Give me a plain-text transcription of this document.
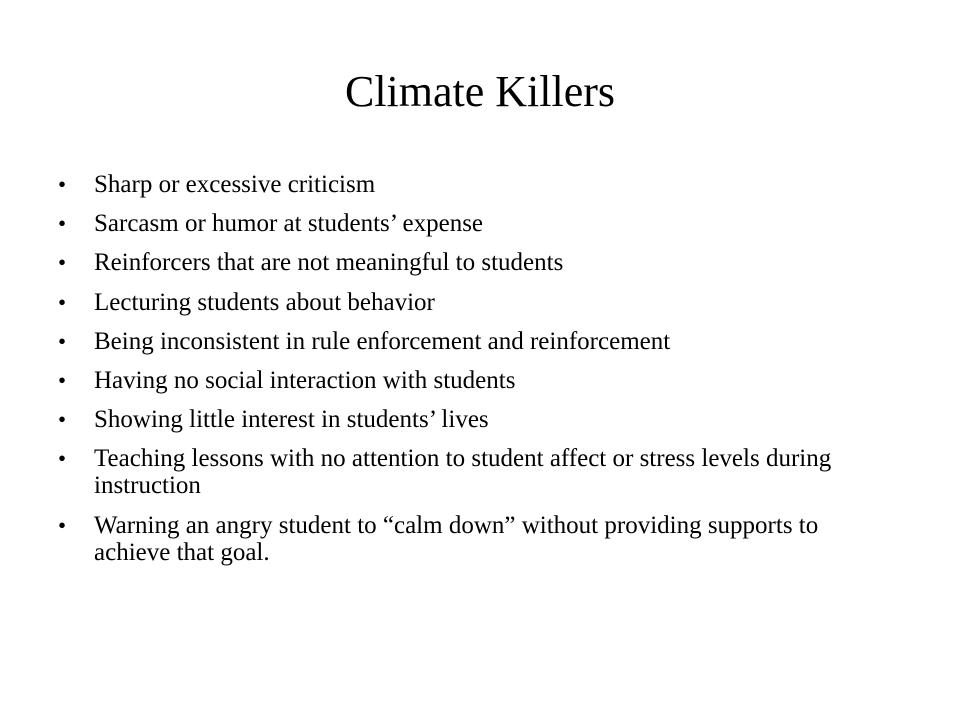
Climate Killers
• Sharp or excessive criticism
• Sarcasm or humor at students’ expense
• Reinforcers that are not meaningful to students
• Lecturing students about behavior
• Being inconsistent in rule enforcement and reinforcement
• Having no social interaction with students
• Showing little interest in students’ lives
• Teaching lessons with no attention to student affect or stress levels during instruction
• Warning an angry student to “calm down” without providing supports to achieve that goal.
